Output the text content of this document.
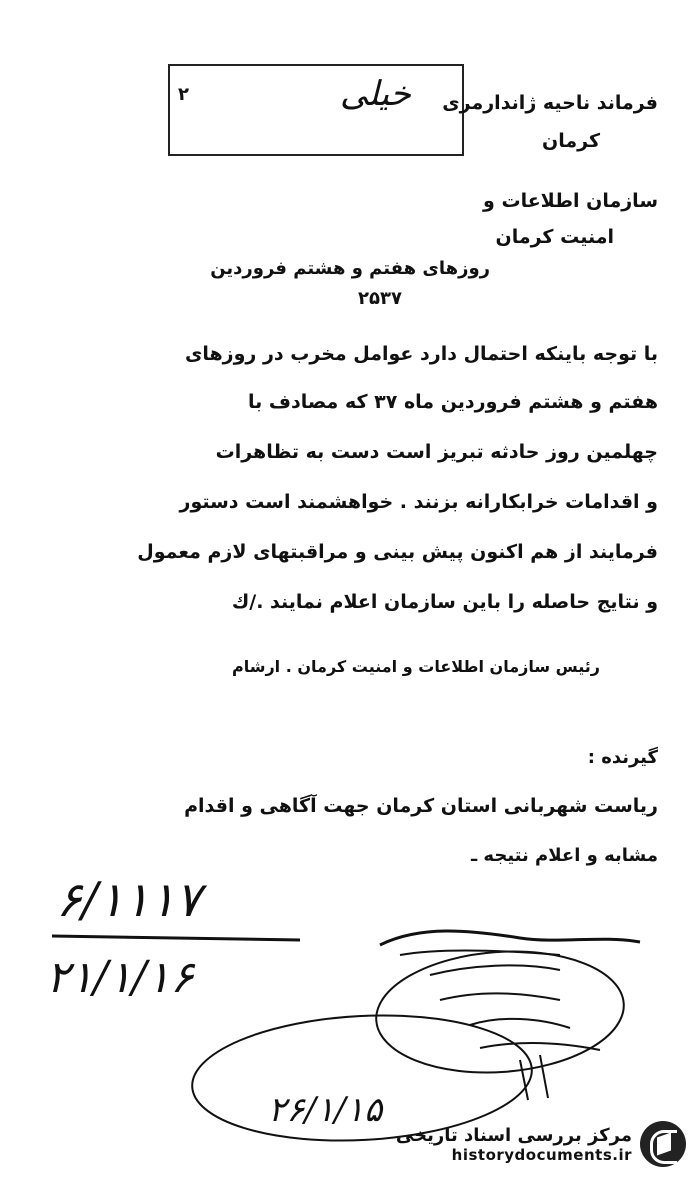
۲	خیلی	فرماند ناحیه ژاندارمری
کرمان
سازمان اطلاعات و
امنیت کرمان
روزهای هفتم و هشتم فروردین
۲۵۳۷
با توجه باینکه احتمال دارد عوامل مخرب در روزهای
هفتم و هشتم فروردین ماه ۳۷ که مصادف با
چهلمین روز حادثه تبریز است دست به تظاهرات
و اقدامات خرابکارانه بزنند . خواهشمند است دستور
فرمایند از هم اکنون پیش بینی و مراقبتهای لازم معمول
و نتایج حاصله را باین سازمان اعلام نمایند ./ك
رئیس سازمان اطلاعات و امنیت کرمان . ارشام
گیرنده :
ریاست شهربانی استان کرمان جهت آگاهی و اقدام
مشابه و اعلام نتیجه ـ
۶/۱۱۱۷
۲۱/۱/۱۶
۲۶/۱/۱۵
مرکز بررسی اسناد تاریخی
historydocuments.ir
